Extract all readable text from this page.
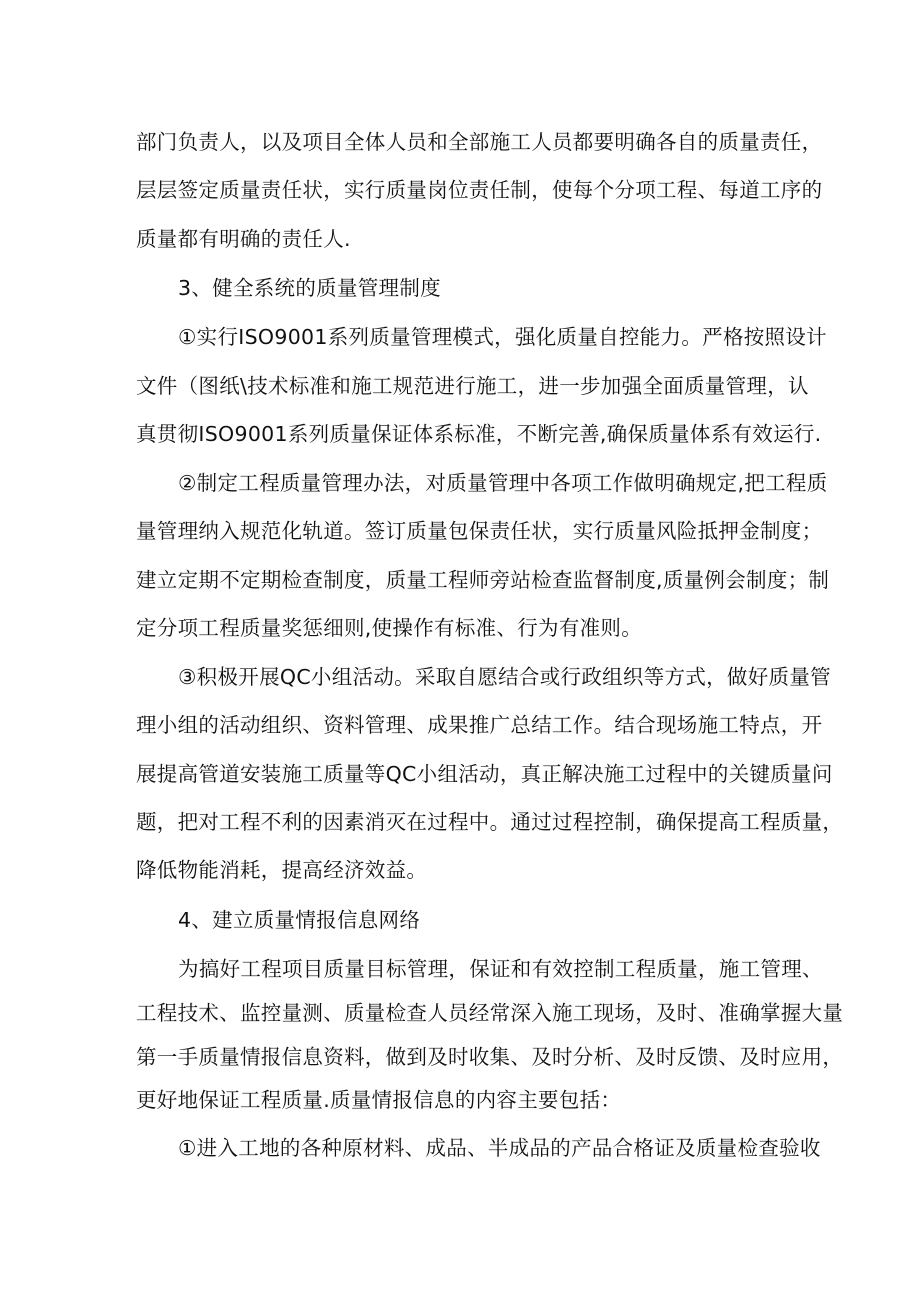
部门负责人，以及项目全体人员和全部施工人员都要明确各自的质量责任，
层层签定质量责任状，实行质量岗位责任制，使每个分项工程、每道工序的
质量都有明确的责任人.
3、健全系统的质量管理制度
①实行ISO9001系列质量管理模式，强化质量自控能力。严格按照设计
文件（图纸\技术标准和施工规范进行施工，进一步加强全面质量管理，认
真贯彻ISO9001系列质量保证体系标准，不断完善,确保质量体系有效运行.
②制定工程质量管理办法，对质量管理中各项工作做明确规定,把工程质
量管理纳入规范化轨道。签订质量包保责任状，实行质量风险抵押金制度；
建立定期不定期检查制度，质量工程师旁站检查监督制度,质量例会制度；制
定分项工程质量奖惩细则,使操作有标准、行为有准则。
③积极开展QC小组活动。采取自愿结合或行政组织等方式，做好质量管
理小组的活动组织、资料管理、成果推广总结工作。结合现场施工特点，开
展提高管道安装施工质量等QC小组活动，真正解决施工过程中的关键质量问
题，把对工程不利的因素消灭在过程中。通过过程控制，确保提高工程质量，
降低物能消耗，提高经济效益。
4、建立质量情报信息网络
为搞好工程项目质量目标管理，保证和有效控制工程质量，施工管理、
工程技术、监控量测、质量检查人员经常深入施工现场，及时、准确掌握大量
第一手质量情报信息资料，做到及时收集、及时分析、及时反馈、及时应用，
更好地保证工程质量.质量情报信息的内容主要包括：
①进入工地的各种原材料、成品、半成品的产品合格证及质量检查验收
